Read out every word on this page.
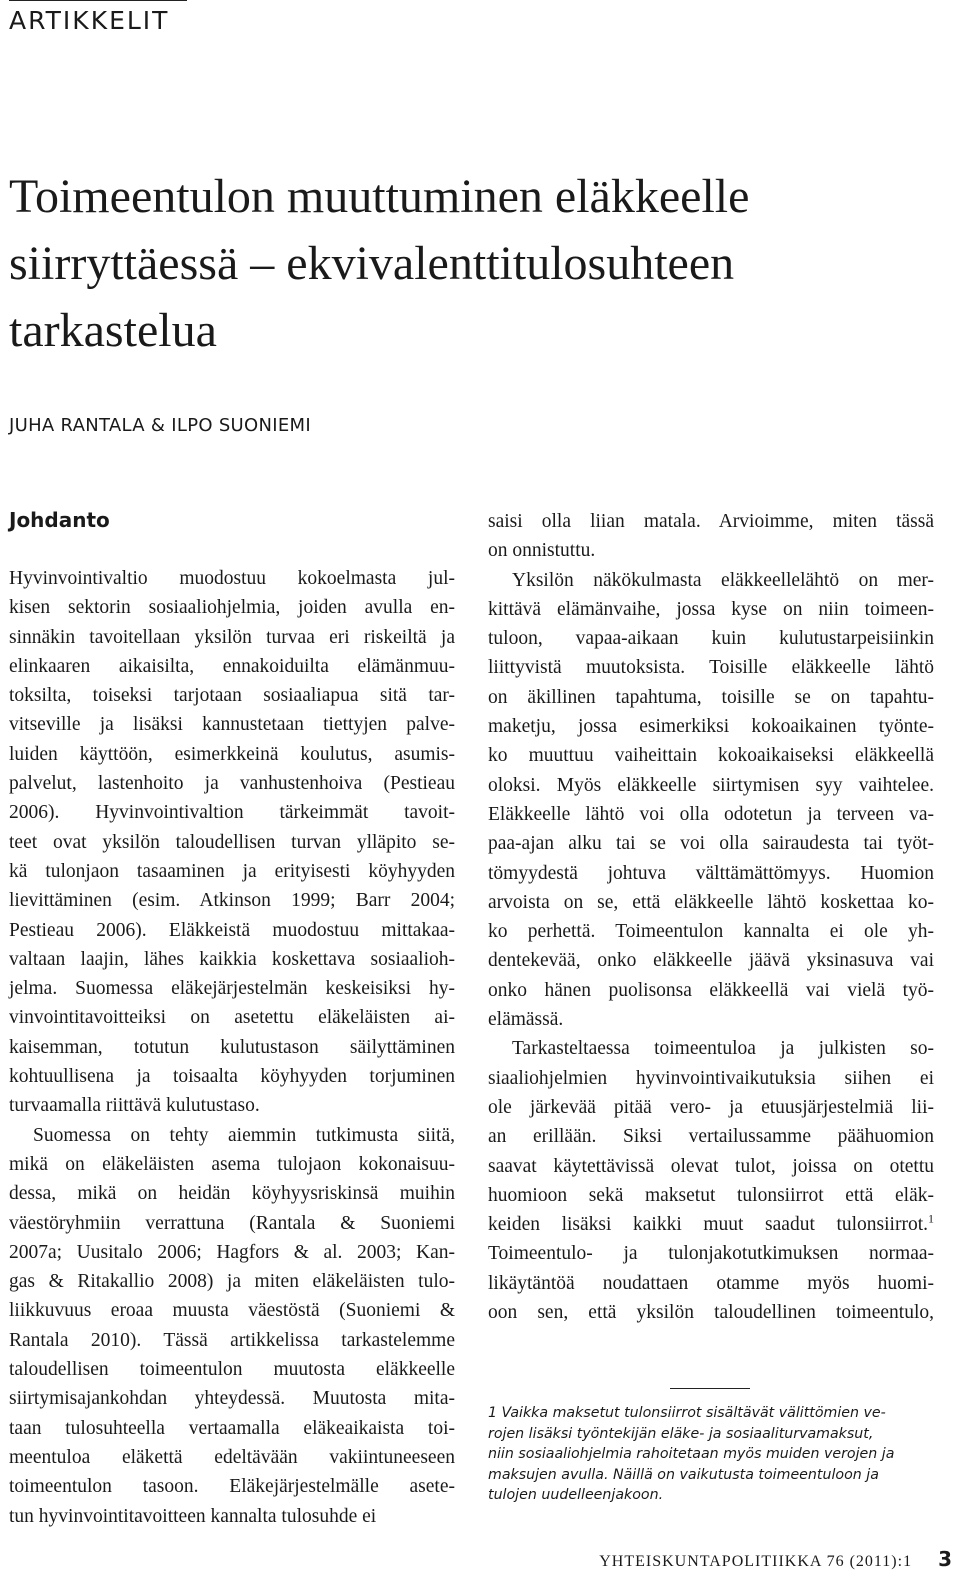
ARTIKKELIT
Toimeentulon muuttuminen eläkkeelle
siirryttäessä – ekvivalenttitulosuhteen
tarkastelua
JUHA RANTALA & ILPO SUONIEMI
Johdanto
Hyvinvointivaltio muodostuu kokoelmasta jul-
kisen sektorin sosiaaliohjelmia, joiden avulla en-
sinnäkin tavoitellaan yksilön turvaa eri riskeiltä ja
elinkaaren aikaisilta, ennakoiduilta elämänmuu-
toksilta, toiseksi tarjotaan sosiaaliapua sitä tar-
vitseville ja lisäksi kannustetaan tiettyjen palve-
luiden käyttöön, esimerkkeinä koulutus, asumis-
palvelut, lastenhoito ja vanhustenhoiva (Pestieau
2006). Hyvinvointivaltion tärkeimmät tavoit-
teet ovat yksilön taloudellisen turvan ylläpito se-
kä tulonjaon tasaaminen ja erityisesti köyhyyden
lievittäminen (esim. Atkinson 1999; Barr 2004;
Pestieau 2006). Eläkkeistä muodostuu mittakaa-
valtaan laajin, lähes kaikkia koskettava sosiaalioh-
jelma. Suomessa eläkejärjestelmän keskeisiksi hy-
vinvointitavoitteiksi on asetettu eläkeläisten ai-
kaisemman, totutun kulutustason säilyttäminen
kohtuullisena ja toisaalta köyhyyden torjuminen
turvaamalla riittävä kulutustaso.
Suomessa on tehty aiemmin tutkimusta siitä,
mikä on eläkeläisten asema tulojaon kokonaisuu-
dessa, mikä on heidän köyhyysriskinsä muihin
väestöryhmiin verrattuna (Rantala & Suoniemi
2007a; Uusitalo 2006; Hagfors & al. 2003; Kan-
gas & Ritakallio 2008) ja miten eläkeläisten tulo-
liikkuvuus eroaa muusta väestöstä (Suoniemi &
Rantala 2010). Tässä artikkelissa tarkastelemme
taloudellisen toimeentulon muutosta eläkkeelle
siirtymisajankohdan yhteydessä. Muutosta mita-
taan tulosuhteella vertaamalla eläkeaikaista toi-
meentuloa eläkettä edeltävään vakiintuneeseen
toimeentulon tasoon. Eläkejärjestelmälle asete-
tun hyvinvointitavoitteen kannalta tulosuhde ei
saisi olla liian matala. Arvioimme, miten tässä
on onnistuttu.
Yksilön näkökulmasta eläkkeellelähtö on mer-
kittävä elämänvaihe, jossa kyse on niin toimeen-
tuloon, vapaa-aikaan kuin kulutustarpeisiinkin
liittyvistä muutoksista. Toisille eläkkeelle lähtö
on äkillinen tapahtuma, toisille se on tapahtu-
maketju, jossa esimerkiksi kokoaikainen työnte-
ko muuttuu vaiheittain kokoaikaiseksi eläkkeellä
oloksi. Myös eläkkeelle siirtymisen syy vaihtelee.
Eläkkeelle lähtö voi olla odotetun ja terveen va-
paa-ajan alku tai se voi olla sairaudesta tai työt-
tömyydestä johtuva välttämättömyys. Huomion
arvoista on se, että eläkkeelle lähtö koskettaa ko-
ko perhettä. Toimeentulon kannalta ei ole yh-
dentekevää, onko eläkkeelle jäävä yksinasuva vai
onko hänen puolisonsa eläkkeellä vai vielä työ-
elämässä.
Tarkasteltaessa toimeentuloa ja julkisten so-
siaaliohjelmien hyvinvointivaikutuksia siihen ei
ole järkevää pitää vero- ja etuusjärjestelmiä lii-
an erillään. Siksi vertailussamme päähuomion
saavat käytettävissä olevat tulot, joissa on otettu
huomioon sekä maksetut tulonsiirrot että eläk-
keiden lisäksi kaikki muut saadut tulonsiirrot.$^1$
Toimeentulo- ja tulonjakotutkimuksen normaa-
likäytäntöä noudattaen otamme myös huomi-
oon sen, että yksilön taloudellinen toimeentulo,
1 Vaikka maksetut tulonsiirrot sisältävät välittömien ve-
rojen lisäksi työntekijän eläke- ja sosiaaliturvamaksut,
niin sosiaaliohjelmia rahoitetaan myös muiden verojen ja
maksujen avulla. Näillä on vaikutusta toimeentuloon ja
tulojen uudelleenjakoon.
YHTEISKUNTAPOLITIIKKA 76 (2011):1 3
